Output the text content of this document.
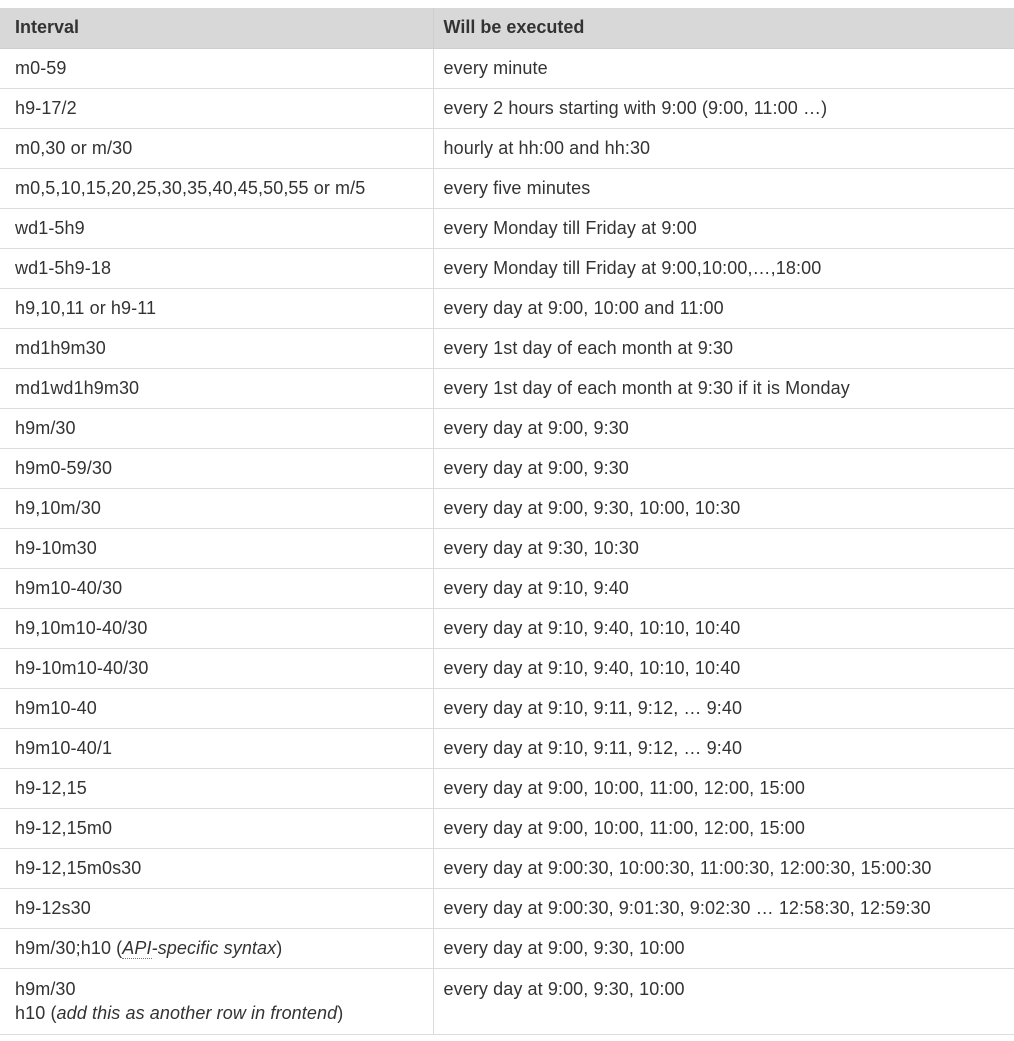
Interval	Will be executed
m0-59	every minute
h9-17/2	every 2 hours starting with 9:00 (9:00, 11:00 …)
m0,30 or m/30	hourly at hh:00 and hh:30
m0,5,10,15,20,25,30,35,40,45,50,55 or m/5	every five minutes
wd1-5h9	every Monday till Friday at 9:00
wd1-5h9-18	every Monday till Friday at 9:00,10:00,…,18:00
h9,10,11 or h9-11	every day at 9:00, 10:00 and 11:00
md1h9m30	every 1st day of each month at 9:30
md1wd1h9m30	every 1st day of each month at 9:30 if it is Monday
h9m/30	every day at 9:00, 9:30
h9m0-59/30	every day at 9:00, 9:30
h9,10m/30	every day at 9:00, 9:30, 10:00, 10:30
h9-10m30	every day at 9:30, 10:30
h9m10-40/30	every day at 9:10, 9:40
h9,10m10-40/30	every day at 9:10, 9:40, 10:10, 10:40
h9-10m10-40/30	every day at 9:10, 9:40, 10:10, 10:40
h9m10-40	every day at 9:10, 9:11, 9:12, … 9:40
h9m10-40/1	every day at 9:10, 9:11, 9:12, … 9:40
h9-12,15	every day at 9:00, 10:00, 11:00, 12:00, 15:00
h9-12,15m0	every day at 9:00, 10:00, 11:00, 12:00, 15:00
h9-12,15m0s30	every day at 9:00:30, 10:00:30, 11:00:30, 12:00:30, 15:00:30
h9-12s30	every day at 9:00:30, 9:01:30, 9:02:30 … 12:58:30, 12:59:30
h9m/30;h10 (API-specific syntax)	every day at 9:00, 9:30, 10:00
h9m/30
h10 (add this as another row in frontend)	every day at 9:00, 9:30, 10:00
